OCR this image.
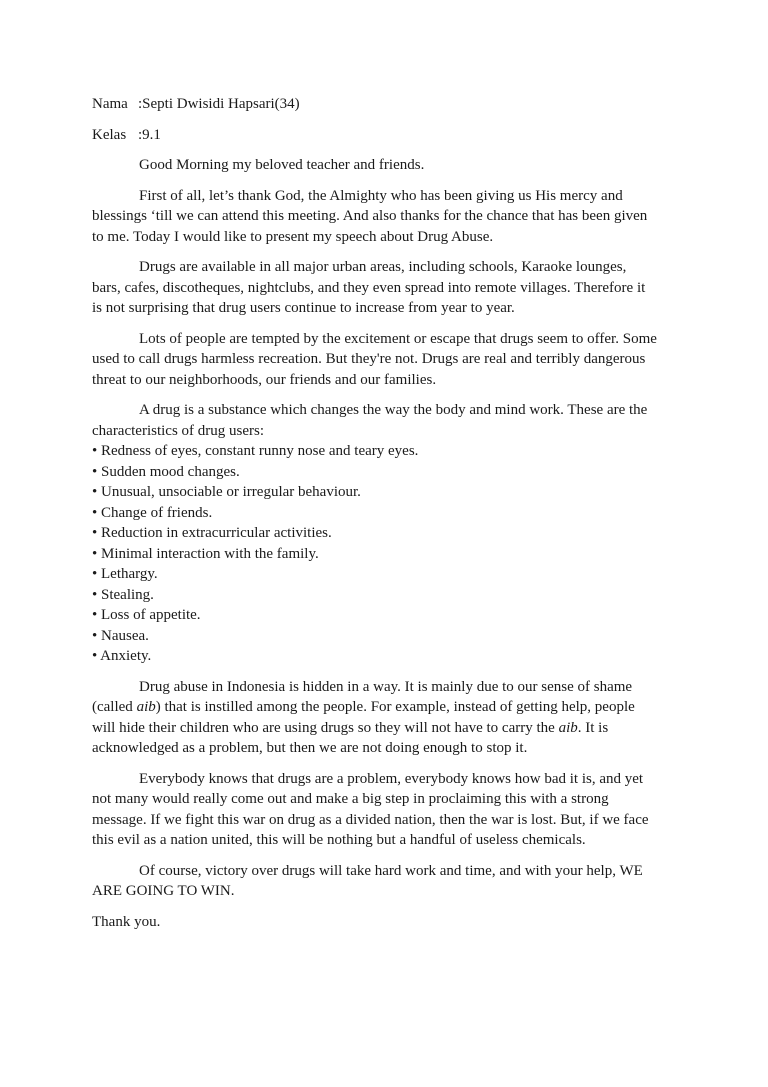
Nama :Septi Dwisidi Hapsari(34)
Kelas :9.1
Good Morning my beloved teacher and friends.
First of all, let’s thank God, the Almighty who has been giving us His mercy and
blessings ‘till we can attend this meeting. And also thanks for the chance that has been given
to me. Today I would like to present my speech about Drug Abuse.
Drugs are available in all major urban areas, including schools, Karaoke lounges,
bars, cafes, discotheques, nightclubs, and they even spread into remote villages. Therefore it
is not surprising that drug users continue to increase from year to year.
Lots of people are tempted by the excitement or escape that drugs seem to offer. Some
used to call drugs harmless recreation. But they're not. Drugs are real and terribly dangerous
threat to our neighborhoods, our friends and our families.
A drug is a substance which changes the way the body and mind work. These are the
characteristics of drug users:
• Redness of eyes, constant runny nose and teary eyes.
• Sudden mood changes.
• Unusual, unsociable or irregular behaviour.
• Change of friends.
• Reduction in extracurricular activities.
• Minimal interaction with the family.
• Lethargy.
• Stealing.
• Loss of appetite.
• Nausea.
• Anxiety.
Drug abuse in Indonesia is hidden in a way. It is mainly due to our sense of shame
(called aib) that is instilled among the people. For example, instead of getting help, people
will hide their children who are using drugs so they will not have to carry the aib. It is
acknowledged as a problem, but then we are not doing enough to stop it.
Everybody knows that drugs are a problem, everybody knows how bad it is, and yet
not many would really come out and make a big step in proclaiming this with a strong
message. If we fight this war on drug as a divided nation, then the war is lost. But, if we face
this evil as a nation united, this will be nothing but a handful of useless chemicals.
Of course, victory over drugs will take hard work and time, and with your help, WE
ARE GOING TO WIN.
Thank you.
